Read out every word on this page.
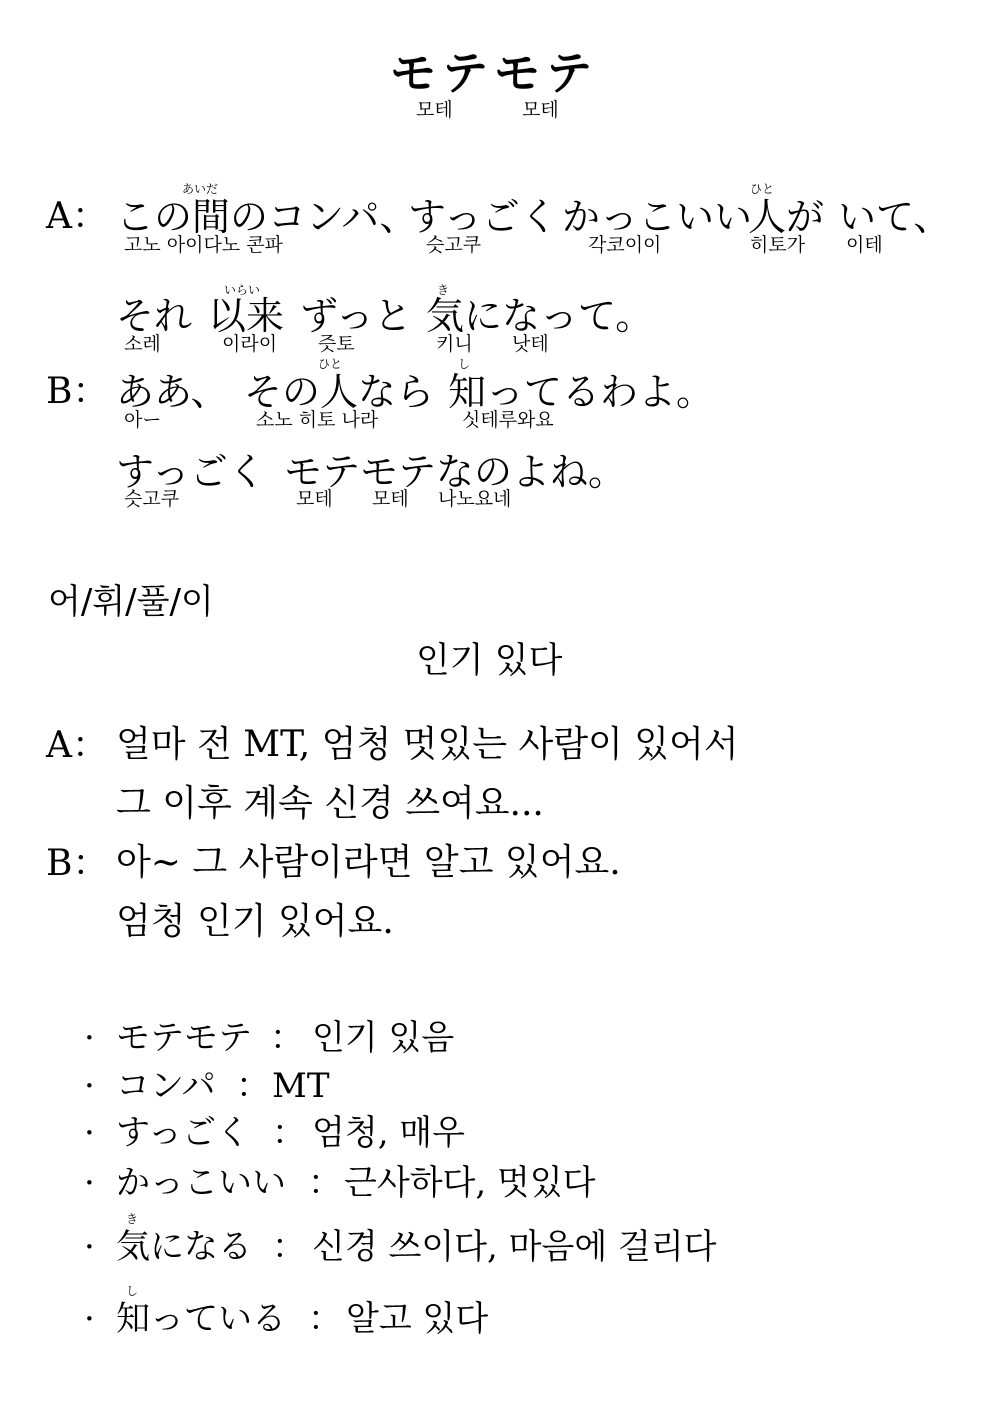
モテモテ
모테	모테
あいだ	ひと
A： この間のコンパ、
すっごく かっこいい
人が いて、
고노 아이다노 콘파	슷고쿠	각코이이	히토가 이테
いらい	き
それ 以来 ずっと 気になって。
소레	이라이 즛토	키니 낫테
ひと	し
B： ああ、 その人なら 知ってるわよ。
아ー	소노 히토 나라	싯테루와요
すっごく モテモテなのよね。
슷고쿠	모테 모테 나노요네
어/휘/풀/이
인기 있다
A： 얼마 전 MT, 엄청 멋있는 사람이 있어서
그 이후 계속 신경 쓰여요...
B： 아~ 그 사람이라면 알고 있어요.
엄청 인기 있어요.
· モテモテ ： 인기 있음
· コンパ ： MT
· すっごく ： 엄청, 매우
· かっこいい ： 근사하다, 멋있다
き
· 気になる ： 신경 쓰이다, 마음에 걸리다
し
· 知っている ： 알고 있다
